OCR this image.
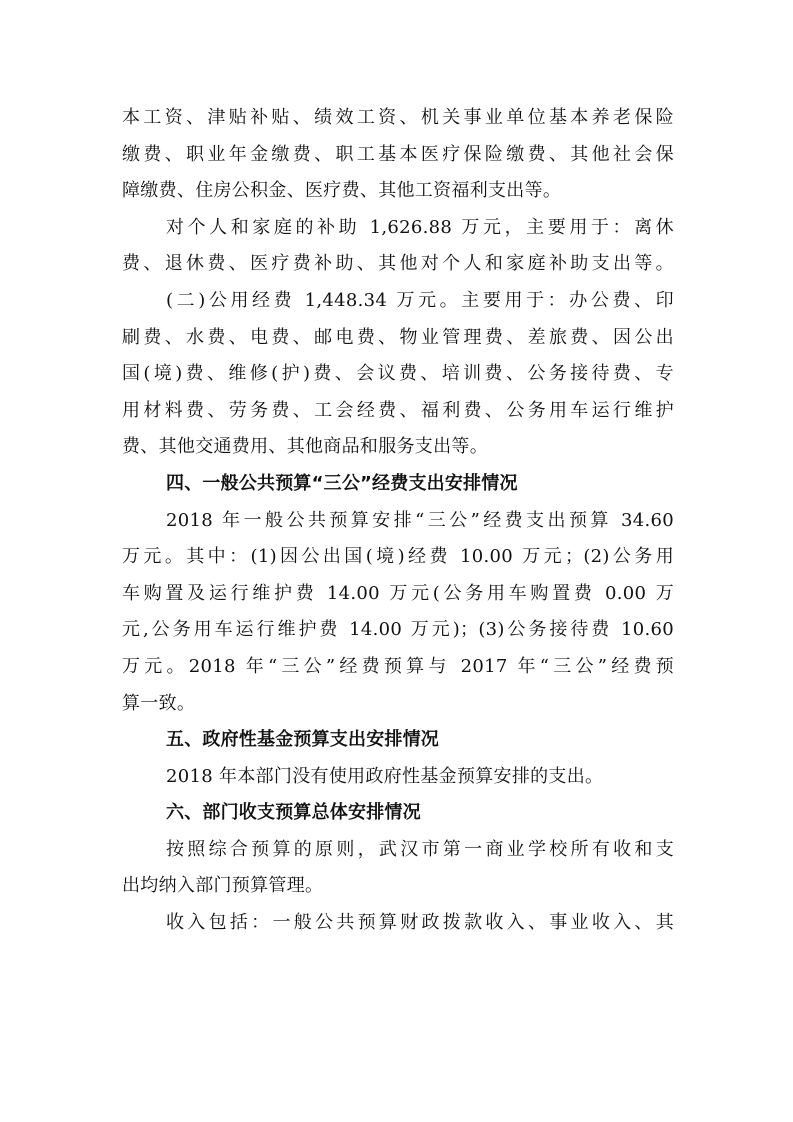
本工资、津贴补贴、绩效工资、机关事业单位基本养老保险
缴费、职业年金缴费、职工基本医疗保险缴费、其他社会保
障缴费、住房公积金、医疗费、其他工资福利支出等。
对个人和家庭的补助 1,626.88 万元，主要用于：离休
费、退休费、医疗费补助、其他对个人和家庭补助支出等。
(二)公用经费 1,448.34 万元。主要用于：办公费、印
刷费、水费、电费、邮电费、物业管理费、差旅费、因公出
国(境)费、维修(护)费、会议费、培训费、公务接待费、专
用材料费、劳务费、工会经费、福利费、公务用车运行维护
费、其他交通费用、其他商品和服务支出等。
四、一般公共预算“三公”经费支出安排情况
2018 年一般公共预算安排“三公”经费支出预算 34.60
万元。其中：(1)因公出国(境)经费 10.00 万元；(2)公务用
车购置及运行维护费 14.00 万元(公务用车购置费 0.00 万
元,公务用车运行维护费 14.00 万元)；(3)公务接待费 10.60
万元。2018 年“三公”经费预算与 2017 年“三公”经费预
算一致。
五、政府性基金预算支出安排情况
2018 年本部门没有使用政府性基金预算安排的支出。
六、部门收支预算总体安排情况
按照综合预算的原则，武汉市第一商业学校所有收和支
出均纳入部门预算管理。
收入包括：一般公共预算财政拨款收入、事业收入、其
